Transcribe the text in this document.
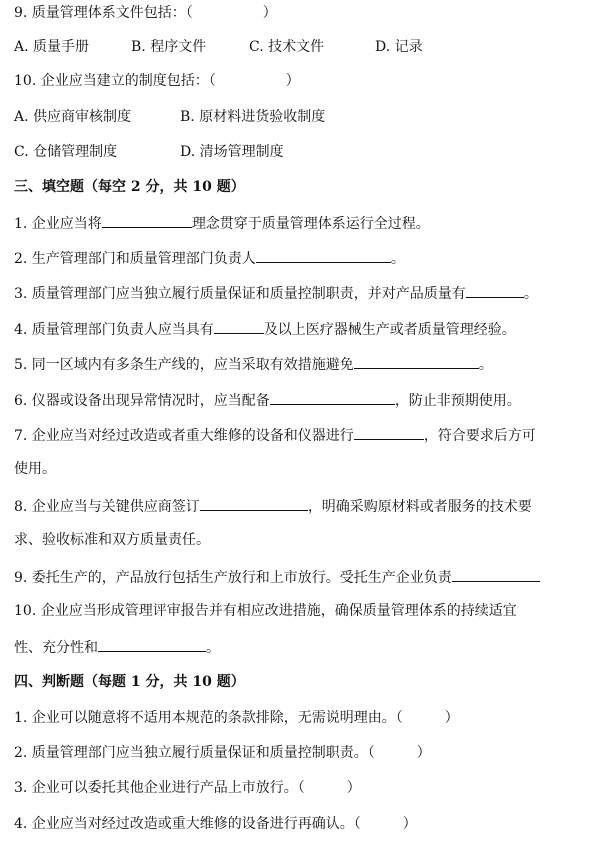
9. 质量管理体系文件包括：（　　　　　）
A. 质量手册	B. 程序文件	C. 技术文件	D. 记录
10. 企业应当建立的制度包括：（　　　　　）
A. 供应商审核制度	B. 原材料进货验收制度
C. 仓储管理制度	D. 清场管理制度
三、填空题（每空 2 分，共 10 题）
1. 企业应当将	理念贯穿于质量管理体系运行全过程。
2. 生产管理部门和质量管理部门负责人	。
3. 质量管理部门应当独立履行质量保证和质量控制职责，并对产品质量有	。
4. 质量管理部门负责人应当具有	及以上医疗器械生产或者质量管理经验。
5. 同一区域内有多条生产线的，应当采取有效措施避免	。
6. 仪器或设备出现异常情况时，应当配备	，防止非预期使用。
7. 企业应当对经过改造或者重大维修的设备和仪器进行	，符合要求后方可
使用。
8. 企业应当与关键供应商签订	，明确采购原材料或者服务的技术要
求、验收标准和双方质量责任。
9. 委托生产的，产品放行包括生产放行和上市放行。受托生产企业负责
10. 企业应当形成管理评审报告并有相应改进措施，确保质量管理体系的持续适宜
性、充分性和	。
四、判断题（每题 1 分，共 10 题）
1. 企业可以随意将不适用本规范的条款排除，无需说明理由。（　　　）
2. 质量管理部门应当独立履行质量保证和质量控制职责。（　　　）
3. 企业可以委托其他企业进行产品上市放行。（　　　）
4. 企业应当对经过改造或重大维修的设备进行再确认。（　　　）
